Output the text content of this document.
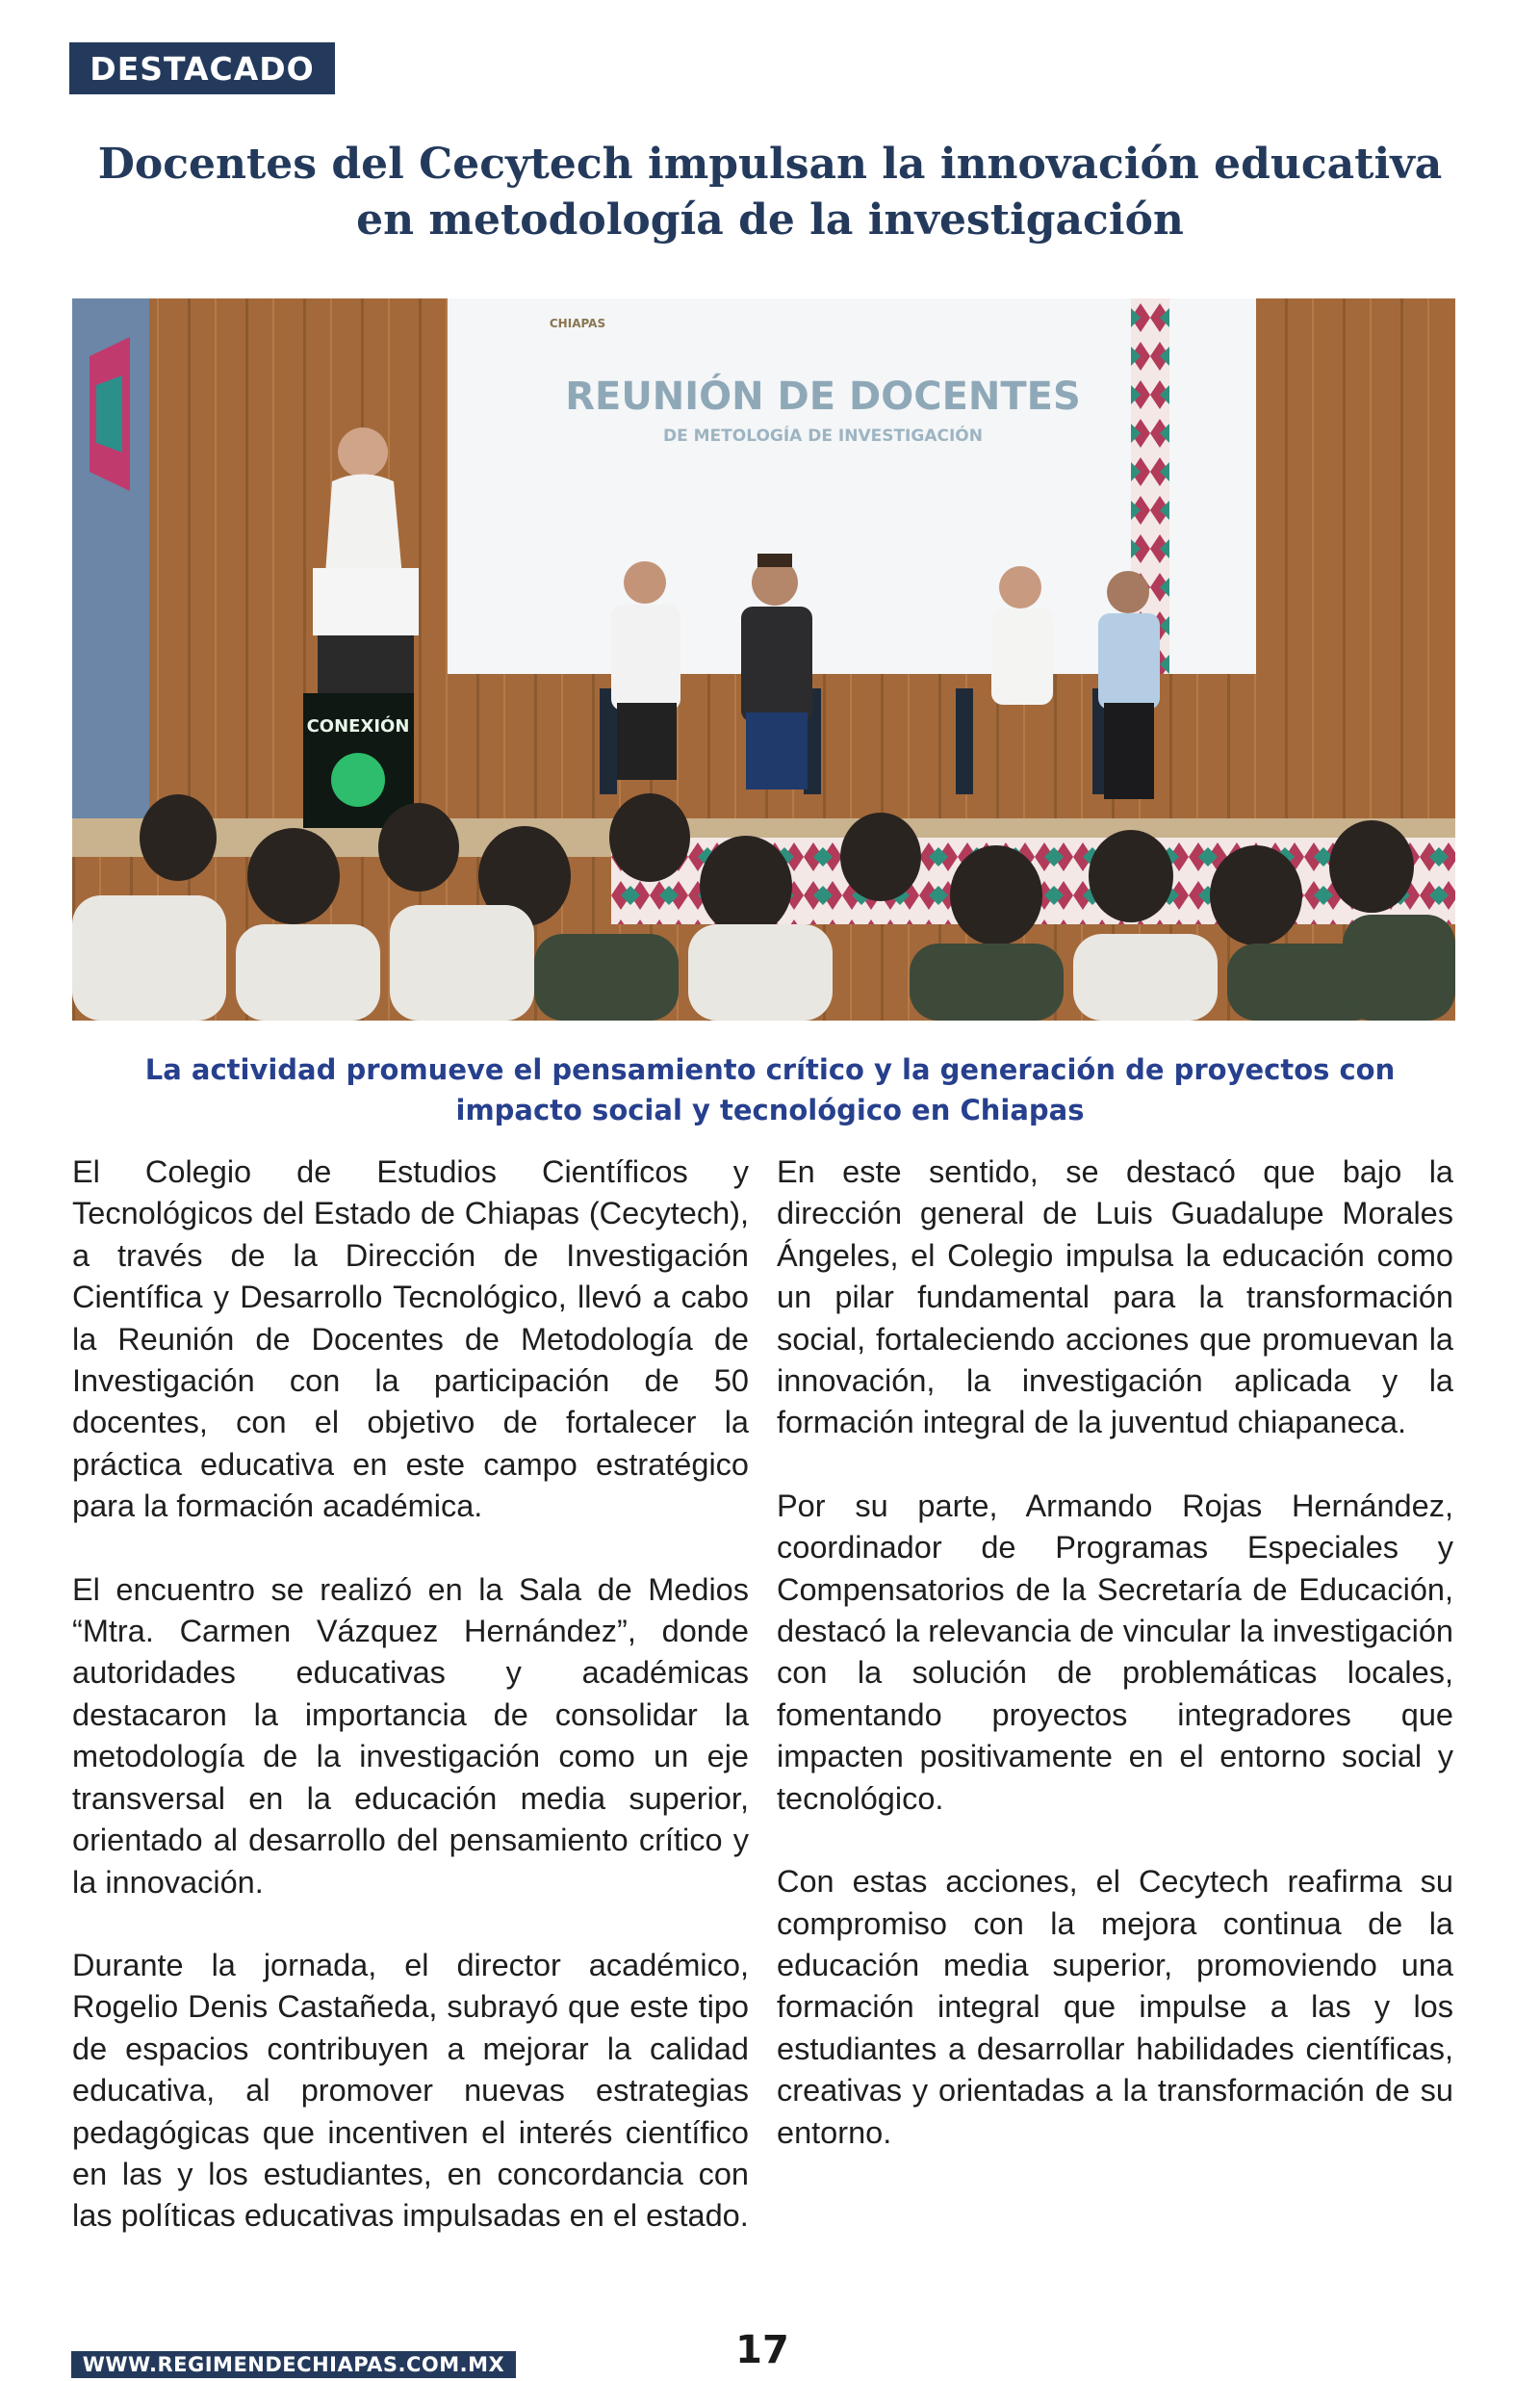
DESTACADO
Docentes del Cecytech impulsan la innovación educativa en metodología de la investigación
REUNIÓN DE DOCENTES
DE METOLOGÍA DE INVESTIGACIÓN
CHIAPAS
CONEXIÓN
La actividad promueve el pensamiento crítico y la generación de proyectos con impacto social y tecnológico en Chiapas

El Colegio de Estudios Científicos y Tecnológicos del Estado de Chiapas (Cecytech), a través de la Dirección de Investigación Científica y Desarrollo Tecnológico, llevó a cabo la Reunión de Docentes de Metodología de Investigación con la participación de 50 docentes, con el objetivo de fortalecer la práctica educativa en este campo estratégico para la formación académica.

El encuentro se realizó en la Sala de Medios “Mtra. Carmen Vázquez Hernández”, donde autoridades educativas y académicas destacaron la importancia de consolidar la metodología de la investigación como un eje transversal en la educación media superior, orientado al desarrollo del pensamiento crítico y la innovación.

Durante la jornada, el director académico, Rogelio Denis Castañeda, subrayó que este tipo de espacios contribuyen a mejorar la calidad educativa, al promover nuevas estrategias pedagógicas que incentiven el interés científico en las y los estudiantes, en concordancia con las políticas educativas impulsadas en el estado.

En este sentido, se destacó que bajo la dirección general de Luis Guadalupe Morales Ángeles, el Colegio impulsa la educación como un pilar fundamental para la transformación social, fortaleciendo acciones que promuevan la innovación, la investigación aplicada y la formación integral de la juventud chiapaneca.

Por su parte, Armando Rojas Hernández, coordinador de Programas Especiales y Compensatorios de la Secretaría de Educación, destacó la relevancia de vincular la investigación con la solución de problemáticas locales, fomentando proyectos integradores que impacten positivamente en el entorno social y tecnológico.

Con estas acciones, el Cecytech reafirma su compromiso con la mejora continua de la educación media superior, promoviendo una formación integral que impulse a las y los estudiantes a desarrollar habilidades científicas, creativas y orientadas a la transformación de su entorno.

17
WWW.REGIMENDECHIAPAS.COM.MX
